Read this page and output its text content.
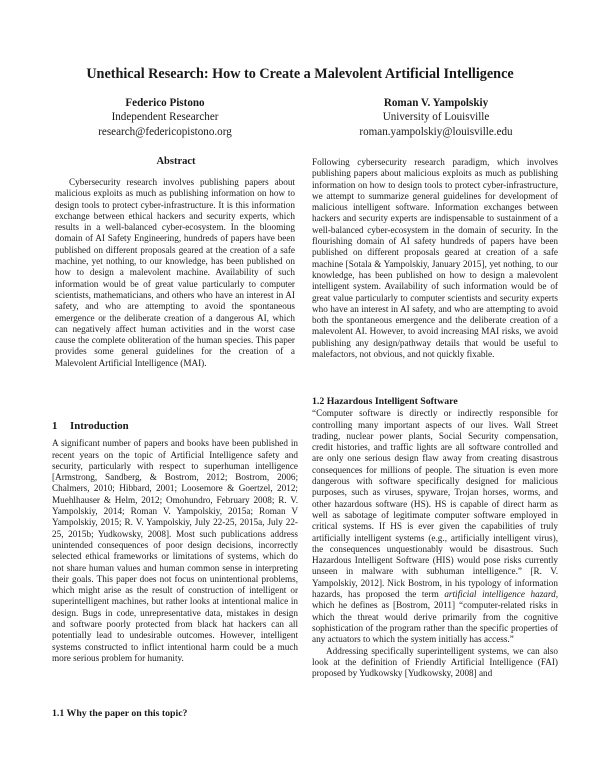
Unethical Research: How to Create a Malevolent Artificial Intelligence
Federico Pistono
Independent Researcher
research@federicopistono.org
Roman V. Yampolskiy
University of Louisville
roman.yampolskiy@louisville.edu
Abstract

Cybersecurity research involves publishing papers about malicious exploits as much as publishing information on how to design tools to protect cyber-infrastructure. It is this information exchange between ethical hackers and security experts, which results in a well-balanced cyber-ecosystem. In the blooming domain of AI Safety Engineering, hundreds of papers have been published on different proposals geared at the creation of a safe machine, yet nothing, to our knowledge, has been published on how to design a malevolent machine. Availability of such information would be of great value particularly to computer scientists, mathematicians, and others who have an interest in AI safety, and who are attempting to avoid the spontaneous emergence or the deliberate creation of a dangerous AI, which can negatively affect human activities and in the worst case cause the complete obliteration of the human species. This paper provides some general guidelines for the creation of a Malevolent Artificial Intelligence (MAI).

1 Introduction

A significant number of papers and books have been published in recent years on the topic of Artificial Intelligence safety and security, particularly with respect to superhuman intelligence [Armstrong, Sandberg, & Bostrom, 2012; Bostrom, 2006; Chalmers, 2010; Hibbard, 2001; Loosemore & Goertzel, 2012; Muehlhauser & Helm, 2012; Omohundro, February 2008; R. V. Yampolskiy, 2014; Roman V. Yampolskiy, 2015a; Roman V Yampolskiy, 2015; R. V. Yampolskiy, July 22-25, 2015a, July 22-25, 2015b; Yudkowsky, 2008]. Most such publications address unintended consequences of poor design decisions, incorrectly selected ethical frameworks or limitations of systems, which do not share human values and human common sense in interpreting their goals. This paper does not focus on unintentional problems, which might arise as the result of construction of intelligent or superintelligent machines, but rather looks at intentional malice in design. Bugs in code, unrepresentative data, mistakes in design and software poorly protected from black hat hackers can all potentially lead to undesirable outcomes. However, intelligent systems constructed to inflict intentional harm could be a much more serious problem for humanity.

1.1 Why the paper on this topic?

Following cybersecurity research paradigm, which involves publishing papers about malicious exploits as much as publishing information on how to design tools to protect cyber-infrastructure, we attempt to summarize general guidelines for development of malicious intelligent software. Information exchanges between hackers and security experts are indispensable to sustainment of a well-balanced cyber-ecosystem in the domain of security. In the flourishing domain of AI safety hundreds of papers have been published on different proposals geared at creation of a safe machine [Sotala & Yampolskiy, January 2015], yet nothing, to our knowledge, has been published on how to design a malevolent intelligent system. Availability of such information would be of great value particularly to computer scientists and security experts who have an interest in AI safety, and who are attempting to avoid both the spontaneous emergence and the deliberate creation of a malevolent AI. However, to avoid increasing MAI risks, we avoid publishing any design/pathway details that would be useful to malefactors, not obvious, and not quickly fixable.

1.2 Hazardous Intelligent Software

“Computer software is directly or indirectly responsible for controlling many important aspects of our lives. Wall Street trading, nuclear power plants, Social Security compensation, credit histories, and traffic lights are all software controlled and are only one serious design flaw away from creating disastrous consequences for millions of people. The situation is even more dangerous with software specifically designed for malicious purposes, such as viruses, spyware, Trojan horses, worms, and other hazardous software (HS). HS is capable of direct harm as well as sabotage of legitimate computer software employed in critical systems. If HS is ever given the capabilities of truly artificially intelligent systems (e.g., artificially intelligent virus), the consequences unquestionably would be disastrous. Such Hazardous Intelligent Software (HIS) would pose risks currently unseen in malware with subhuman intelligence.” [R. V. Yampolskiy, 2012]. Nick Bostrom, in his typology of information hazards, has proposed the term artificial intelligence hazard, which he defines as [Bostrom, 2011] “computer-related risks in which the threat would derive primarily from the cognitive sophistication of the program rather than the specific properties of any actuators to which the system initially has access.”

Addressing specifically superintelligent systems, we can also look at the definition of Friendly Artificial Intelligence (FAI) proposed by Yudkowsky [Yudkowsky, 2008] and
